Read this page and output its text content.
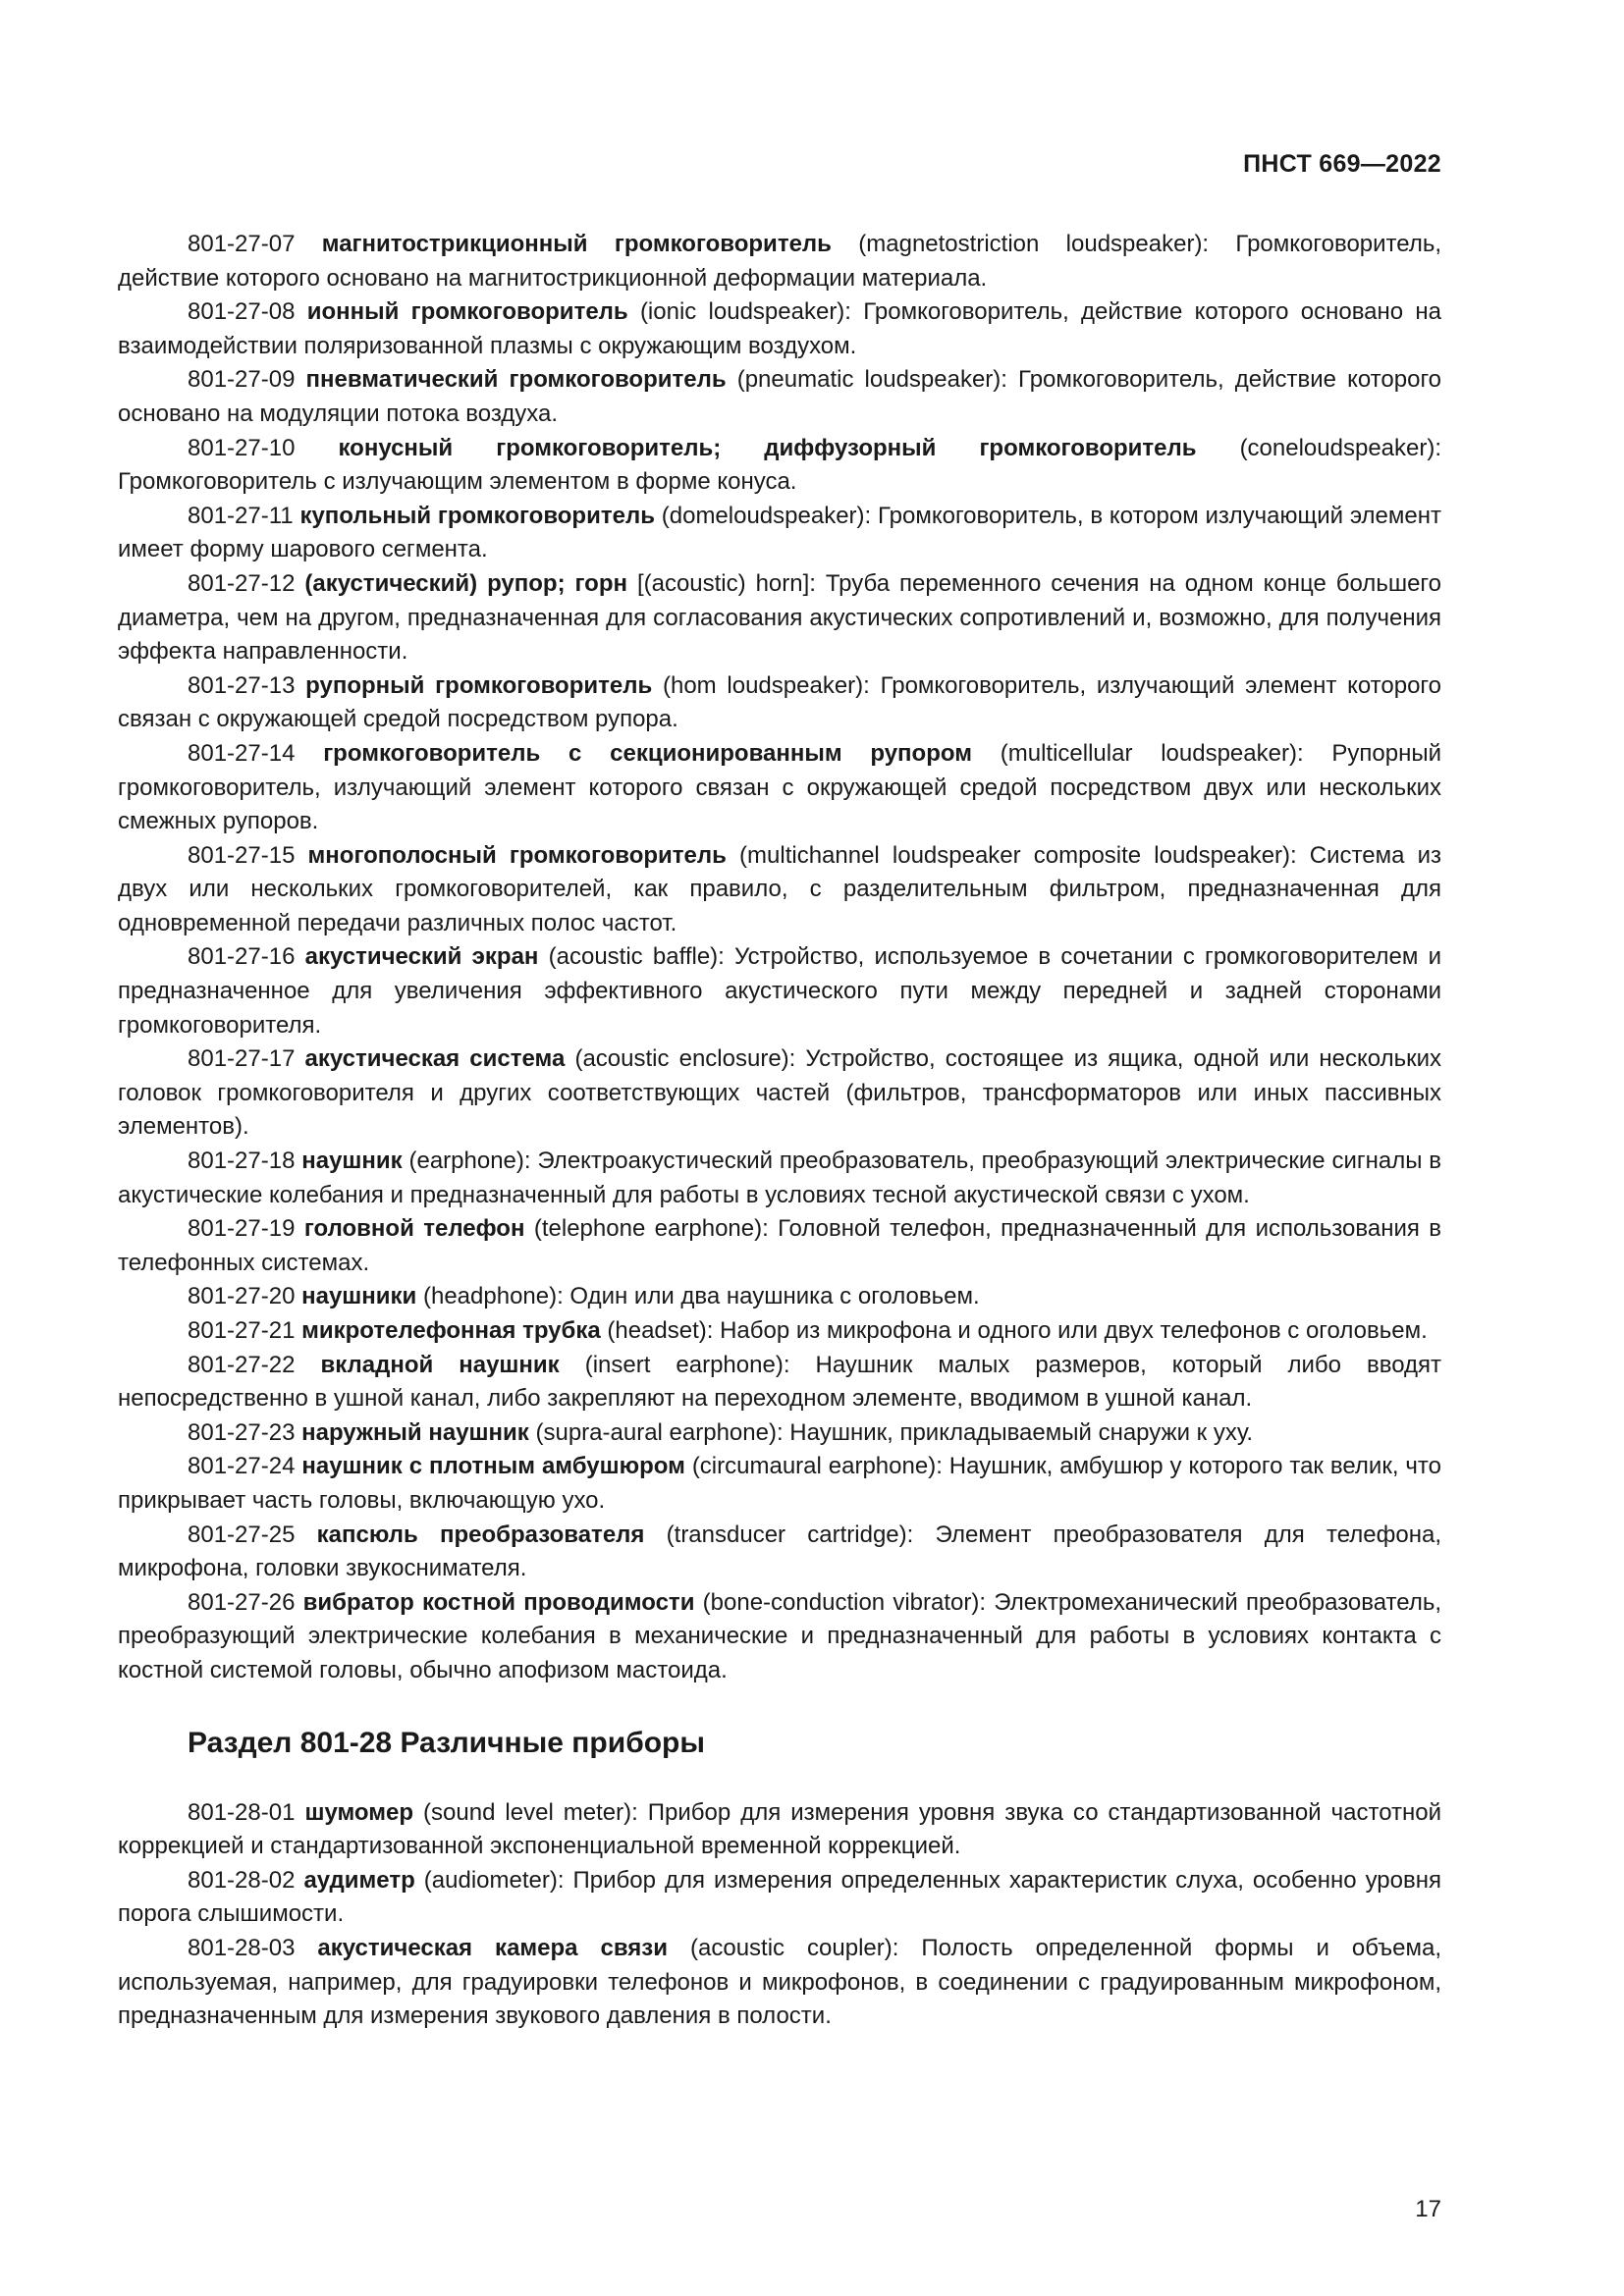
ПНСТ 669—2022

801-27-07 магнитострикционный громкоговоритель (magnetostriction loudspeaker): Громкоговоритель, действие которого основано на магнитострикционной деформации материала.

801-27-08 ионный громкоговоритель (ionic loudspeaker): Громкоговоритель, действие которого основано на взаимодействии поляризованной плазмы с окружающим воздухом.

801-27-09 пневматический громкоговоритель (pneumatic loudspeaker): Громкоговоритель, действие которого основано на модуляции потока воздуха.

801-27-10 конусный громкоговоритель; диффузорный громкоговоритель (coneloudspeaker): Громкоговоритель с излучающим элементом в форме конуса.

801-27-11 купольный громкоговоритель (domeloudspeaker): Громкоговоритель, в котором излучающий элемент имеет форму шарового сегмента.

801-27-12 (акустический) рупор; горн [(acoustic) horn]: Труба переменного сечения на одном конце большего диаметра, чем на другом, предназначенная для согласования акустических сопротивлений и, возможно, для получения эффекта направленности.

801-27-13 рупорный громкоговоритель (hom loudspeaker): Громкоговоритель, излучающий элемент которого связан с окружающей средой посредством рупора.

801-27-14 громкоговоритель с секционированным рупором (multicellular loudspeaker): Рупорный громкоговоритель, излучающий элемент которого связан с окружающей средой посредством двух или нескольких смежных рупоров.

801-27-15 многополосный громкоговоритель (multichannel loudspeaker composite loudspeaker): Система из двух или нескольких громкоговорителей, как правило, с разделительным фильтром, предназначенная для одновременной передачи различных полос частот.

801-27-16 акустический экран (acoustic baffle): Устройство, используемое в сочетании с громкоговорителем и предназначенное для увеличения эффективного акустического пути между передней и задней сторонами громкоговорителя.

801-27-17 акустическая система (acoustic enclosure): Устройство, состоящее из ящика, одной или нескольких головок громкоговорителя и других соответствующих частей (фильтров, трансформаторов или иных пассивных элементов).

801-27-18 наушник (earphone): Электроакустический преобразователь, преобразующий электрические сигналы в акустические колебания и предназначенный для работы в условиях тесной акустической связи с ухом.

801-27-19 головной телефон (telephone earphone): Головной телефон, предназначенный для использования в телефонных системах.

801-27-20 наушники (headphone): Один или два наушника с оголовьем.

801-27-21 микротелефонная трубка (headset): Набор из микрофона и одного или двух телефонов с оголовьем.

801-27-22 вкладной наушник (insert earphone): Наушник малых размеров, который либо вводят непосредственно в ушной канал, либо закрепляют на переходном элементе, вводимом в ушной канал.

801-27-23 наружный наушник (supra-aural earphone): Наушник, прикладываемый снаружи к уху.

801-27-24 наушник с плотным амбушюром (circumaural earphone): Наушник, амбушюр у которого так велик, что прикрывает часть головы, включающую ухо.

801-27-25 капсюль преобразователя (transducer cartridge): Элемент преобразователя для телефона, микрофона, головки звукоснимателя.

801-27-26 вибратор костной проводимости (bone-conduction vibrator): Электромеханический преобразователь, преобразующий электрические колебания в механические и предназначенный для работы в условиях контакта с костной системой головы, обычно апофизом мастоида.

Раздел 801-28 Различные приборы

801-28-01 шумомер (sound level meter): Прибор для измерения уровня звука со стандартизованной частотной коррекцией и стандартизованной экспоненциальной временной коррекцией.

801-28-02 аудиметр (audiometer): Прибор для измерения определенных характеристик слуха, особенно уровня порога слышимости.

801-28-03 акустическая камера связи (acoustic coupler): Полость определенной формы и объема, используемая, например, для градуировки телефонов и микрофонов, в соединении с градуированным микрофоном, предназначенным для измерения звукового давления в полости.

17
